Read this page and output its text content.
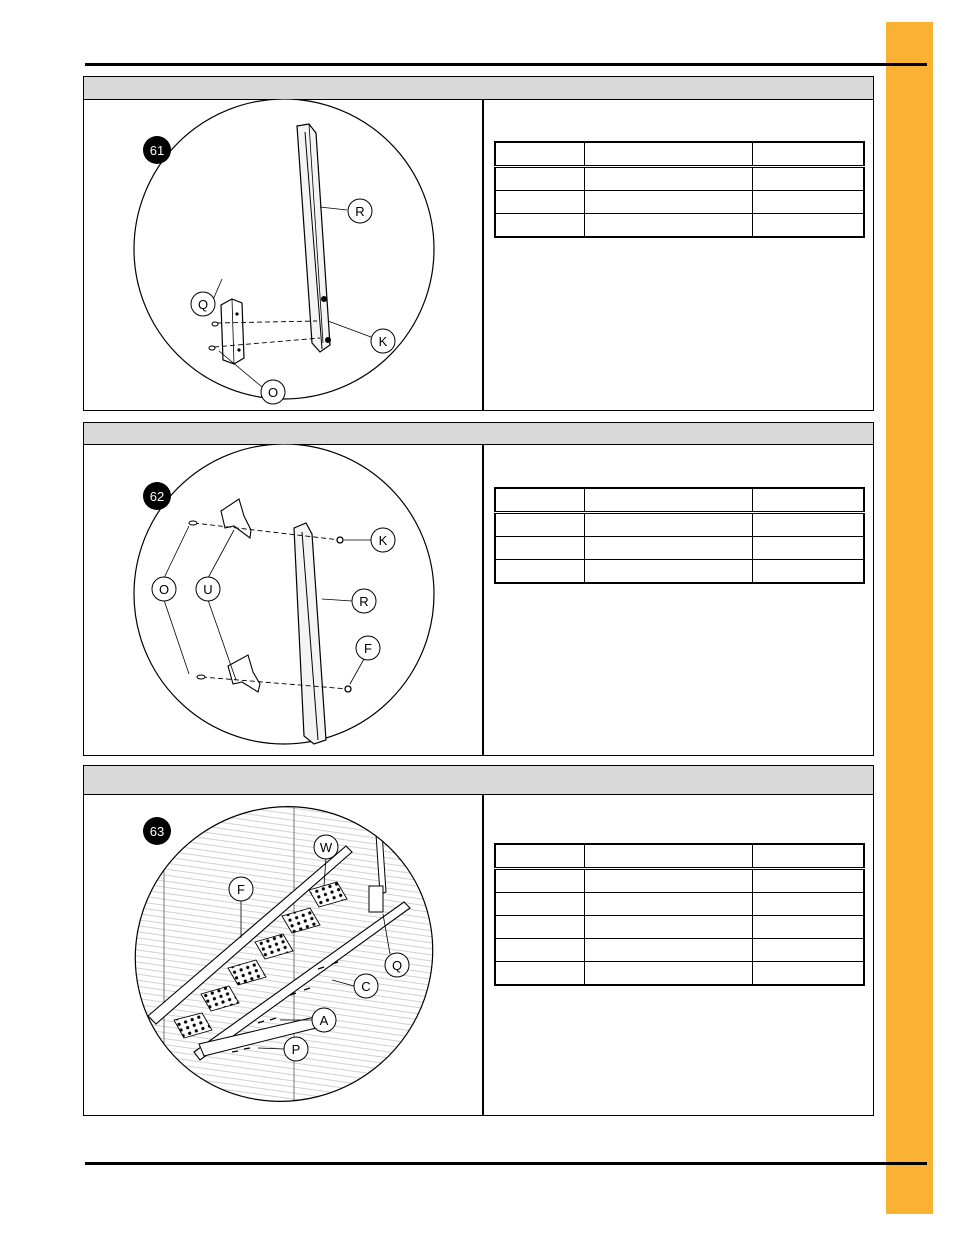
61
R
Q
K
O

62
K
O	U
R
F

63
W
F
Q
C
A
P
